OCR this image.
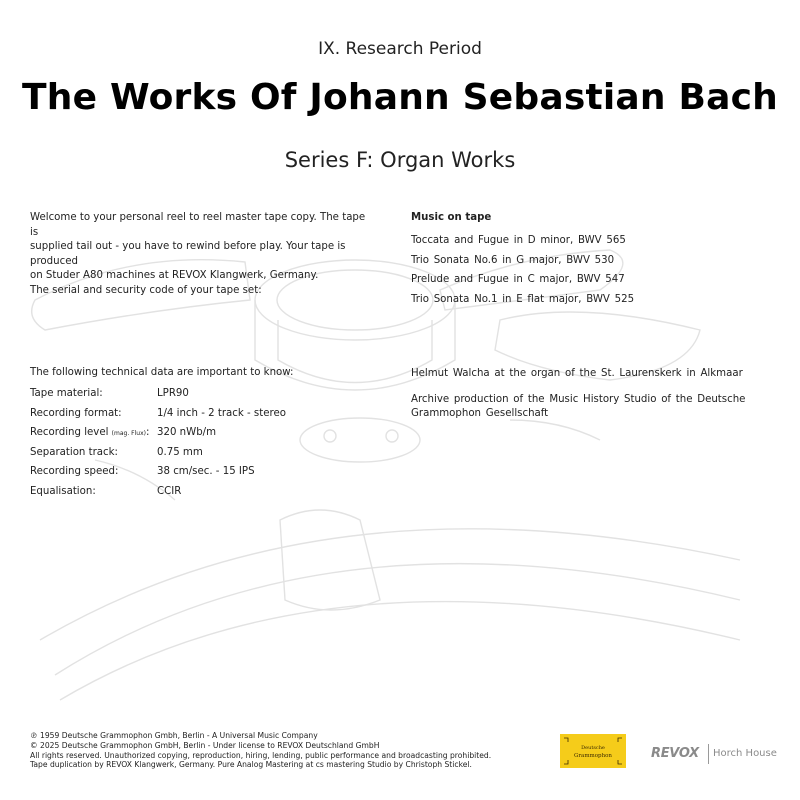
IX. Research Period
The Works Of Johann Sebastian Bach
Series F: Organ Works
Welcome to your personal reel to reel master tape copy. The tape is
supplied tail out - you have to rewind before play. Your tape is produced
on Studer A80 machines at REVOX Klangwerk, Germany.
The serial and security code of your tape set:
Music on tape
Toccata and Fugue in D minor, BWV 565
Trio Sonata No.6 in G major, BWV 530
Prelude and Fugue in C major, BWV 547
Trio Sonata No.1 in E flat major, BWV 525
The following technical data are important to know:
Tape material:	LPR90
Recording format:	1/4 inch - 2 track - stereo
Recording level (mag. Flux): 320 nWb/m
Separation track:	0.75 mm
Recording speed:	38 cm/sec. - 15 IPS
Equalisation:	CCIR
Helmut Walcha at the organ of the St. Laurenskerk in Alkmaar
Archive production of the Music History Studio of the Deutsche Grammophon Gesellschaft
℗ 1959 Deutsche Grammophon Gmbh, Berlin - A Universal Music Company
© 2025 Deutsche Grammophon GmbH, Berlin - Under license to REVOX Deutschland GmbH
All rights reserved. Unauthorized copying, reproduction, hiring, lending, public performance and broadcasting prohibited.
Tape duplication by REVOX Klangwerk, Germany. Pure Analog Mastering at cs mastering Studio by Christoph Stickel.
Deutsche
Grammophon	REVOX Horch House
